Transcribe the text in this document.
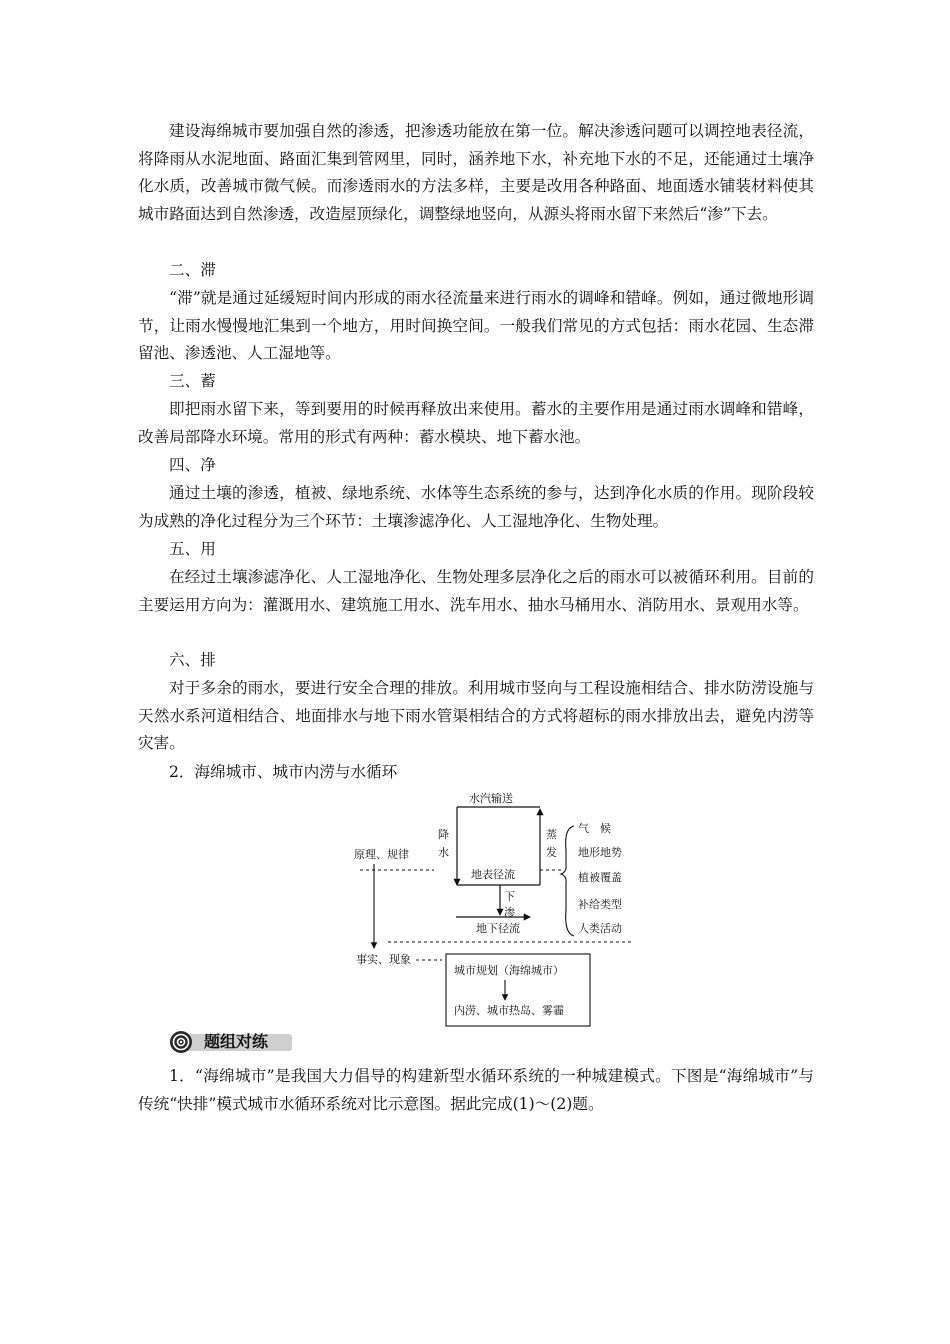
建设海绵城市要加强自然的渗透，把渗透功能放在第一位。解决渗透问题可以调控地表径流，将降雨从水泥地面、路面汇集到管网里，同时，涵养地下水，补充地下水的不足，还能通过土壤净化水质，改善城市微气候。而渗透雨水的方法多样，主要是改用各种路面、地面透水铺装材料使其城市路面达到自然渗透，改造屋顶绿化，调整绿地竖向，从源头将雨水留下来然后“渗”下去。

二、滞

“滞”就是通过延缓短时间内形成的雨水径流量来进行雨水的调峰和错峰。例如，通过微地形调节，让雨水慢慢地汇集到一个地方，用时间换空间。一般我们常见的方式包括：雨水花园、生态滞留池、渗透池、人工湿地等。

三、蓄

即把雨水留下来，等到要用的时候再释放出来使用。蓄水的主要作用是通过雨水调峰和错峰，改善局部降水环境。常用的形式有两种：蓄水模块、地下蓄水池。

四、净

通过土壤的渗透，植被、绿地系统、水体等生态系统的参与，达到净化水质的作用。现阶段较为成熟的净化过程分为三个环节：土壤渗滤净化、人工湿地净化、生物处理。

五、用

在经过土壤渗滤净化、人工湿地净化、生物处理多层净化之后的雨水可以被循环利用。目前的主要运用方向为：灌溉用水、建筑施工用水、洗车用水、抽水马桶用水、消防用水、景观用水等。

六、排

对于多余的雨水，要进行安全合理的排放。利用城市竖向与工程设施相结合、排水防涝设施与天然水系河道相结合、地面排水与地下雨水管渠相结合的方式将超标的雨水排放出去，避免内涝等灾害。

2．海绵城市、城市内涝与水循环

水汽输送
降
水
蒸
发
地表径流
下
渗
地下径流
气　候
地形地势
植被覆盖
补给类型
人类活动
原理、规律
事实、现象
城市规划（海绵城市）
内涝、城市热岛、雾霾
题组对练

1．“海绵城市”是我国大力倡导的构建新型水循环系统的一种城建模式。下图是“海绵城市”与传统“快排”模式城市水循环系统对比示意图。据此完成(1)～(2)题。
